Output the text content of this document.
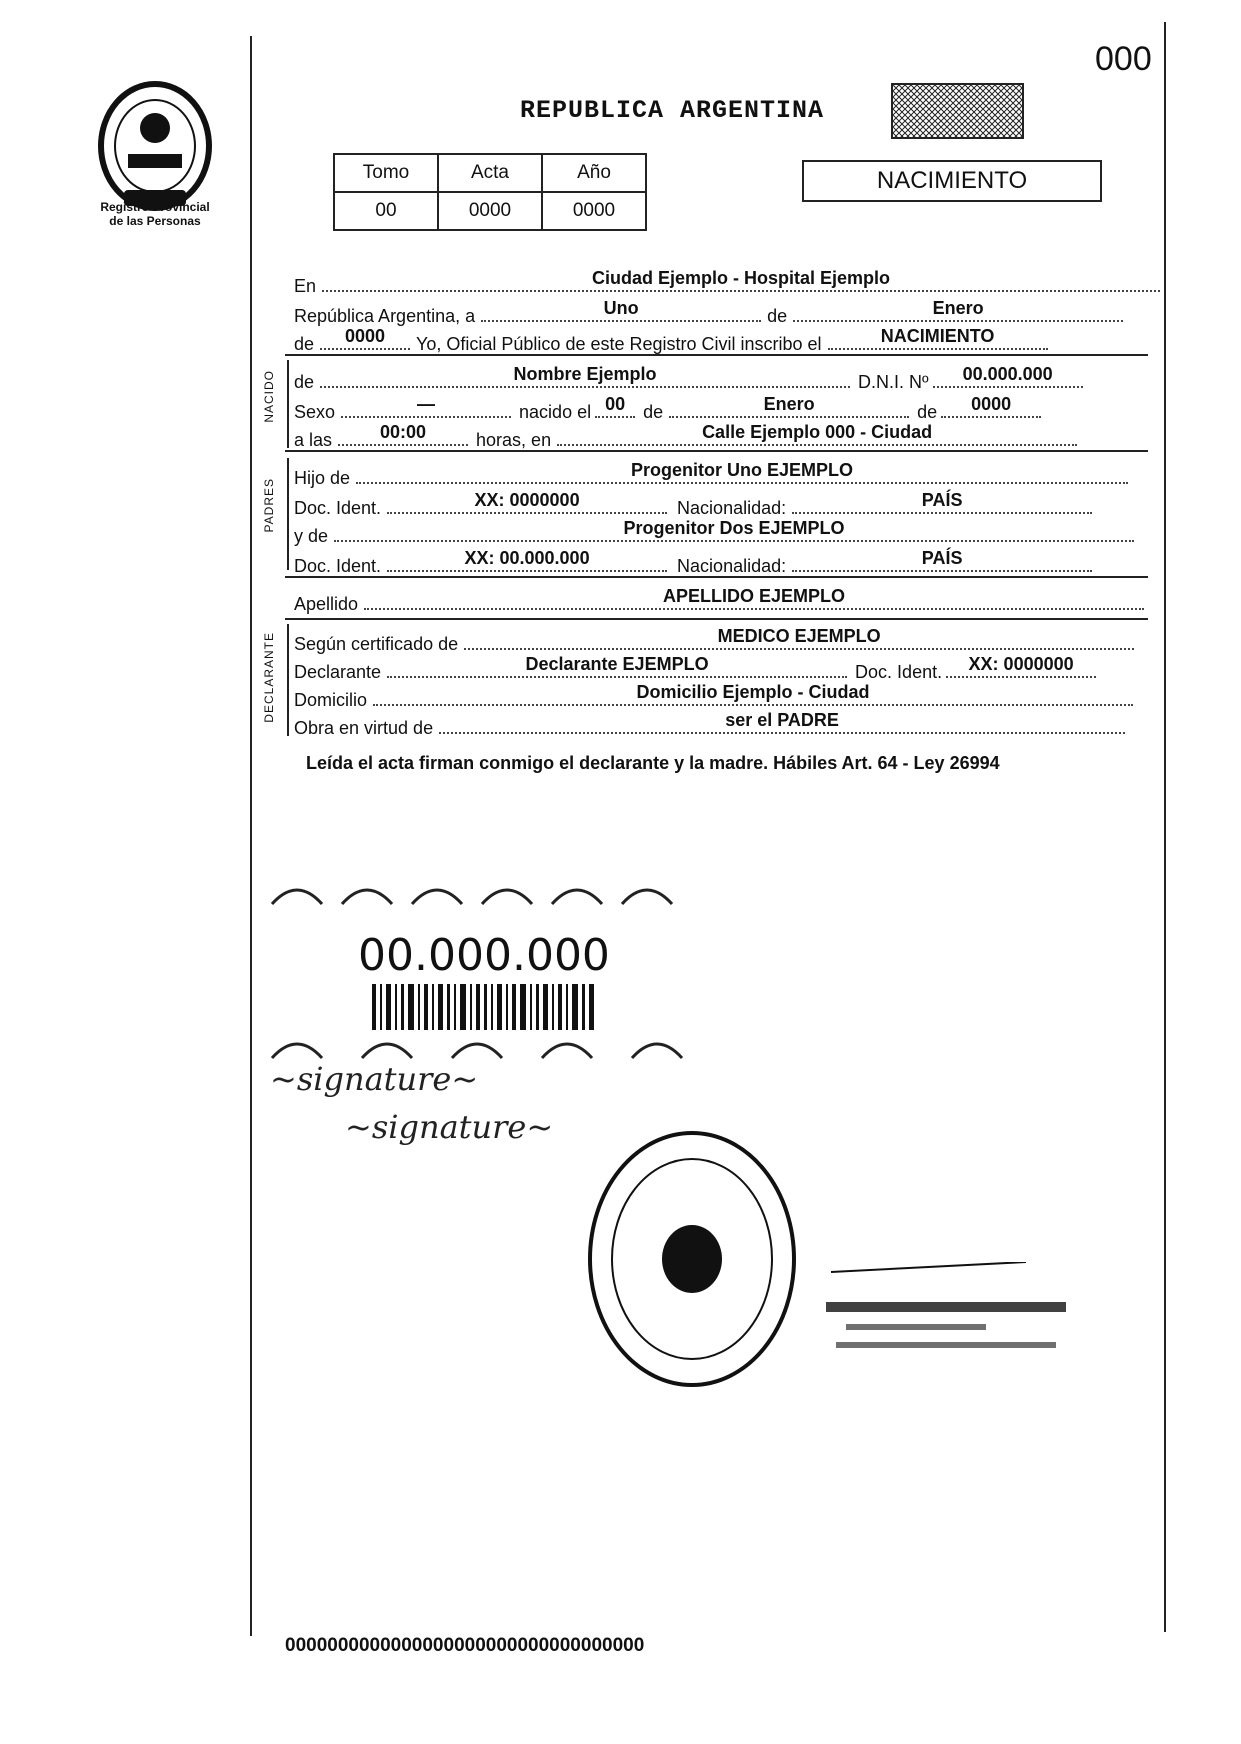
000
Registro Provincial
de las Personas
REPUBLICA ARGENTINA
Tomo	Acta	Año
00	0000	0000
NACIMIENTO
En	Ciudad Ejemplo - Hospital Ejemplo
República Argentina, a	Uno	de	Enero
de	0000	Yo, Oficial Público de este Registro Civil inscribo el	NACIMIENTO
NACIDO de	Nombre Ejemplo	D.N.I. Nº	00.000.000
Sexo	—	nacido el 00 de	Enero	de	0000
a las	00:00	horas, en	Calle Ejemplo 000 - Ciudad
PADRES Hijo de	Progenitor Uno EJEMPLO
Doc. Ident.	XX: 0000000	Nacionalidad:	PAÍS
y de	Progenitor Dos EJEMPLO
Doc. Ident.	XX: 00.000.000	Nacionalidad:	PAÍS
Apellido	APELLIDO EJEMPLO
DECLARANTE Según certificado de	MEDICO EJEMPLO
Declarante	Declarante EJEMPLO	Doc. Ident.	XX: 0000000
Domicilio	Domicilio Ejemplo - Ciudad
Obra en virtud de	ser el PADRE
Leída el acta firman conmigo el declarante y la madre. Hábiles Art. 64 - Ley 26994
00.000.000
~signature~
~signature~
0000000000000000000000000000000000
